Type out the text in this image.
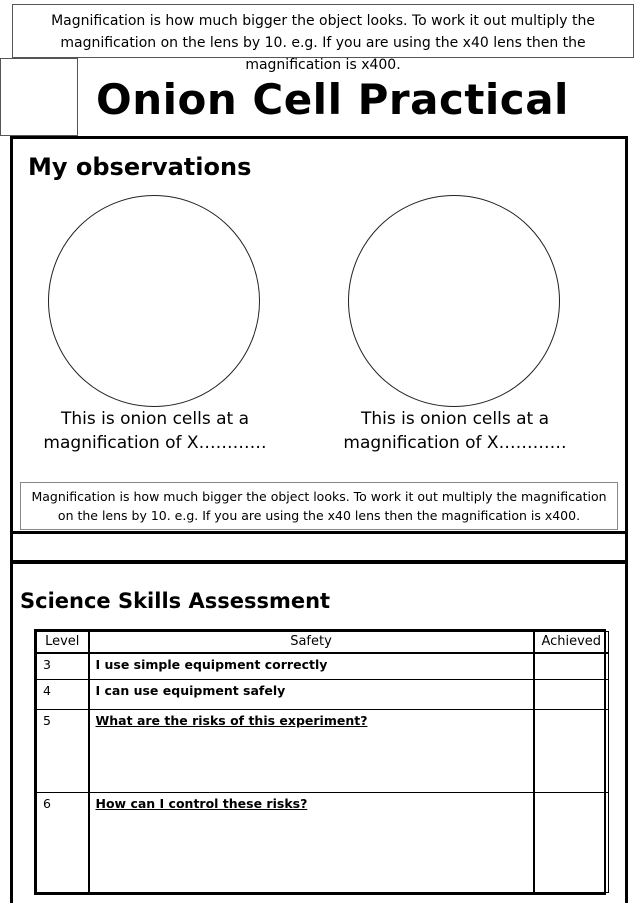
Magnification is how much bigger the object looks. To work it out multiply the magnification on the lens by 10. e.g. If you are using the x40 lens then the magnification is x400.
Onion Cell Practical
My observations
This is onion cells at a
magnification of X…………
This is onion cells at a
magnification of X…………
Magnification is how much bigger the object looks. To work it out multiply the magnification on the lens by 10. e.g. If you are using the x40 lens then the magnification is x400.
Science Skills Assessment
Level	Safety	Achieved
3	I use simple equipment correctly	
4	I can use equipment safely	
5	What are the risks of this experiment?	
6	How can I control these risks?	
